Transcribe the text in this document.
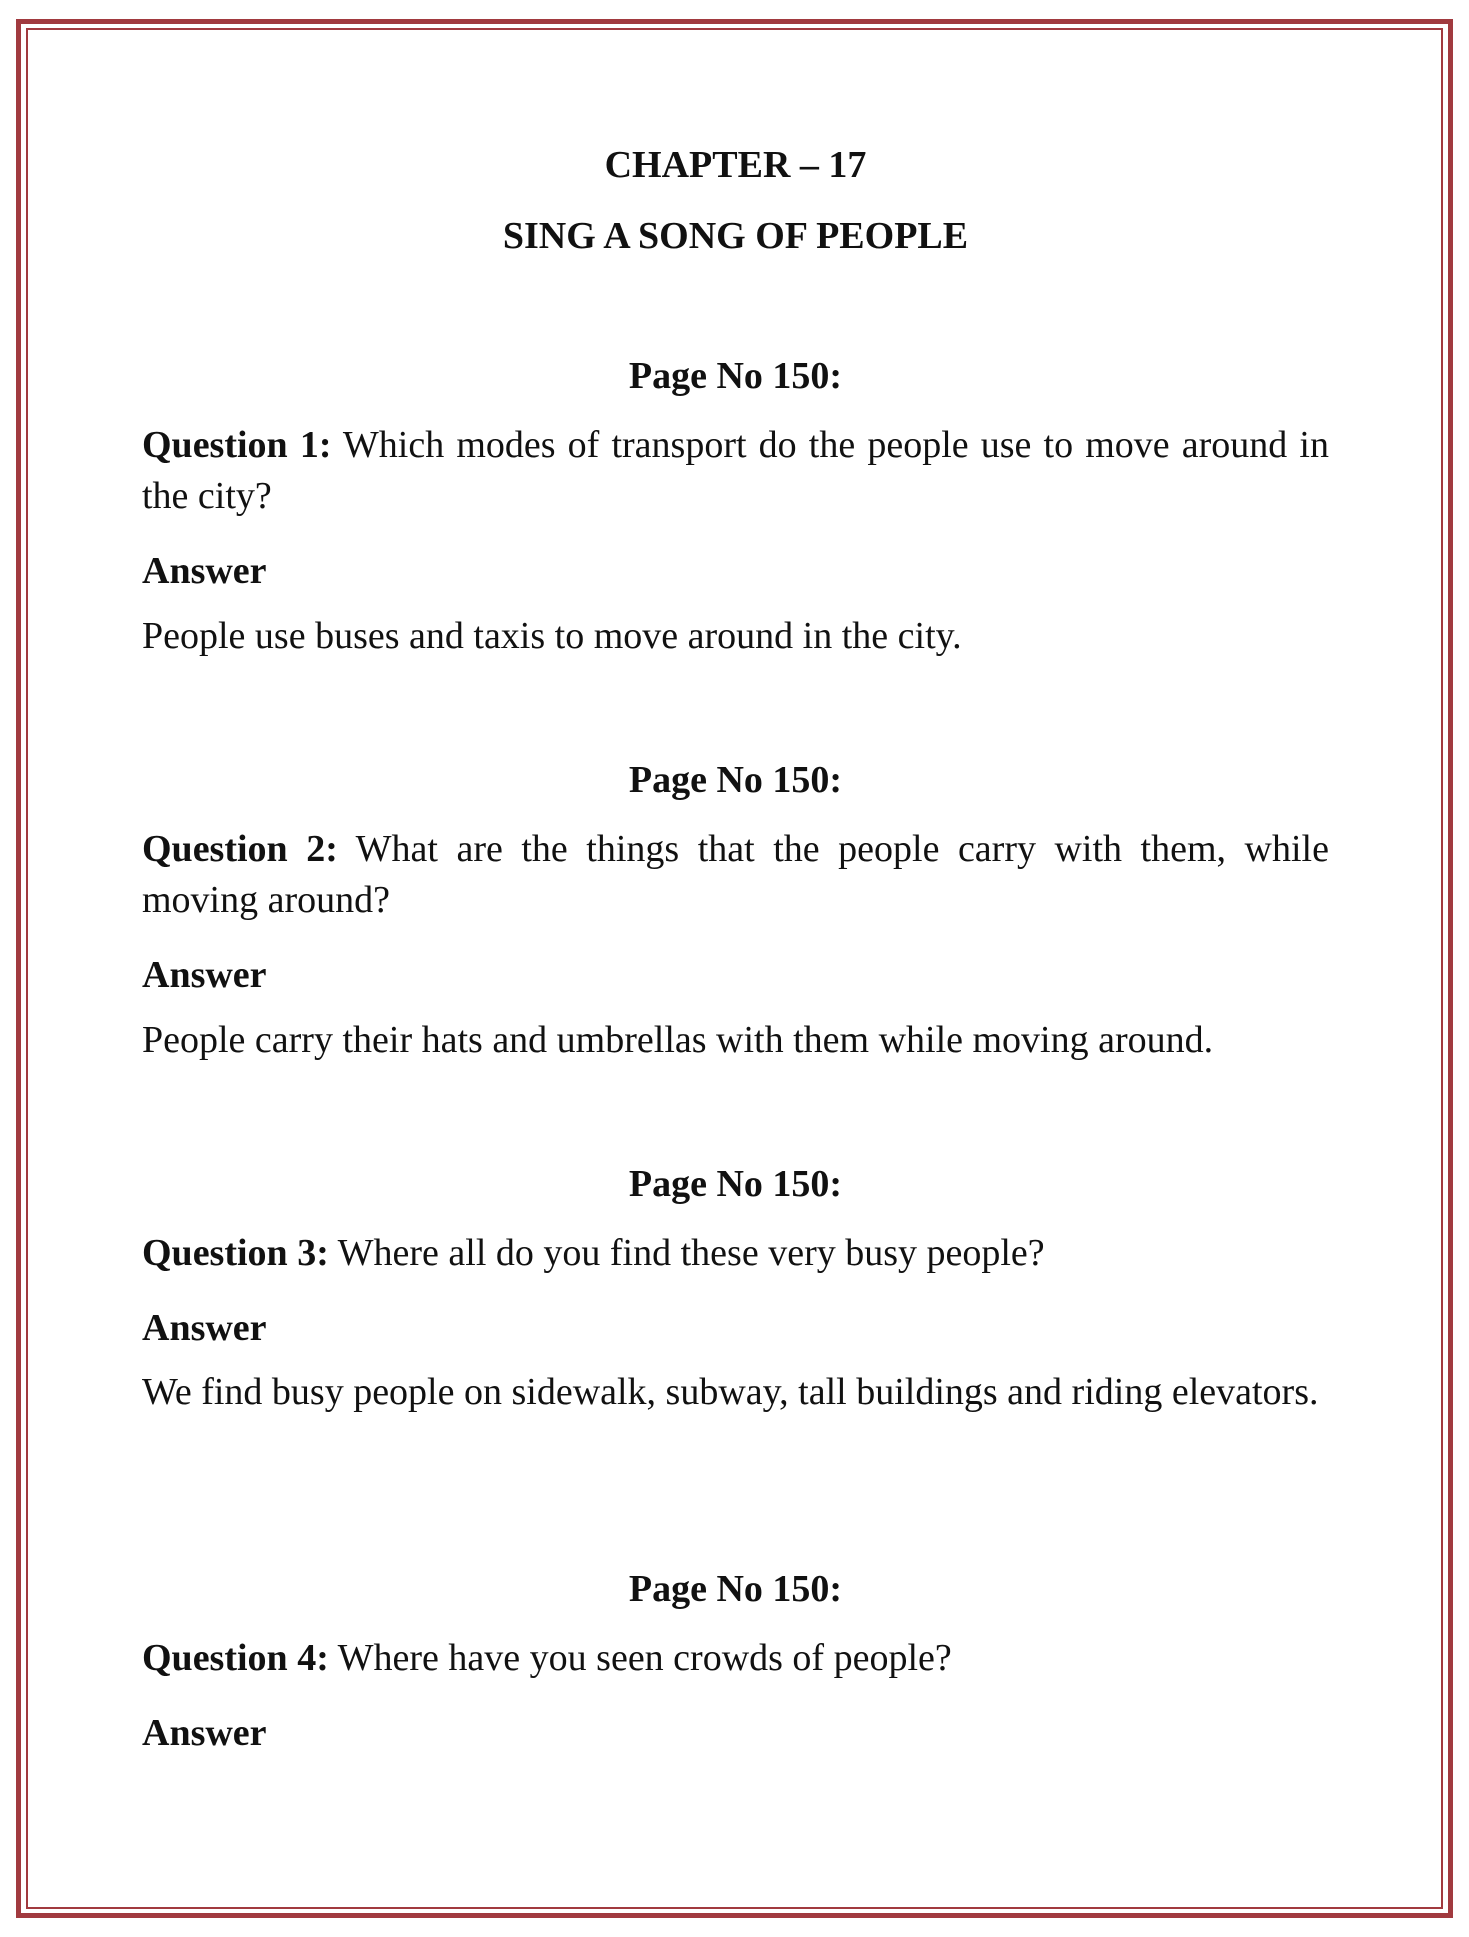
CHAPTER – 17
SING A SONG OF PEOPLE

Page No 150:

Question 1: Which modes of transport do the people use to move around in the city?

Answer

People use buses and taxis to move around in the city.

Page No 150:

Question 2: What are the things that the people carry with them, while moving around?

Answer

People carry their hats and umbrellas with them while moving around.

Page No 150:

Question 3: Where all do you find these very busy people?

Answer

We find busy people on sidewalk, subway, tall buildings and riding elevators.

Page No 150:

Question 4: Where have you seen crowds of people?

Answer
